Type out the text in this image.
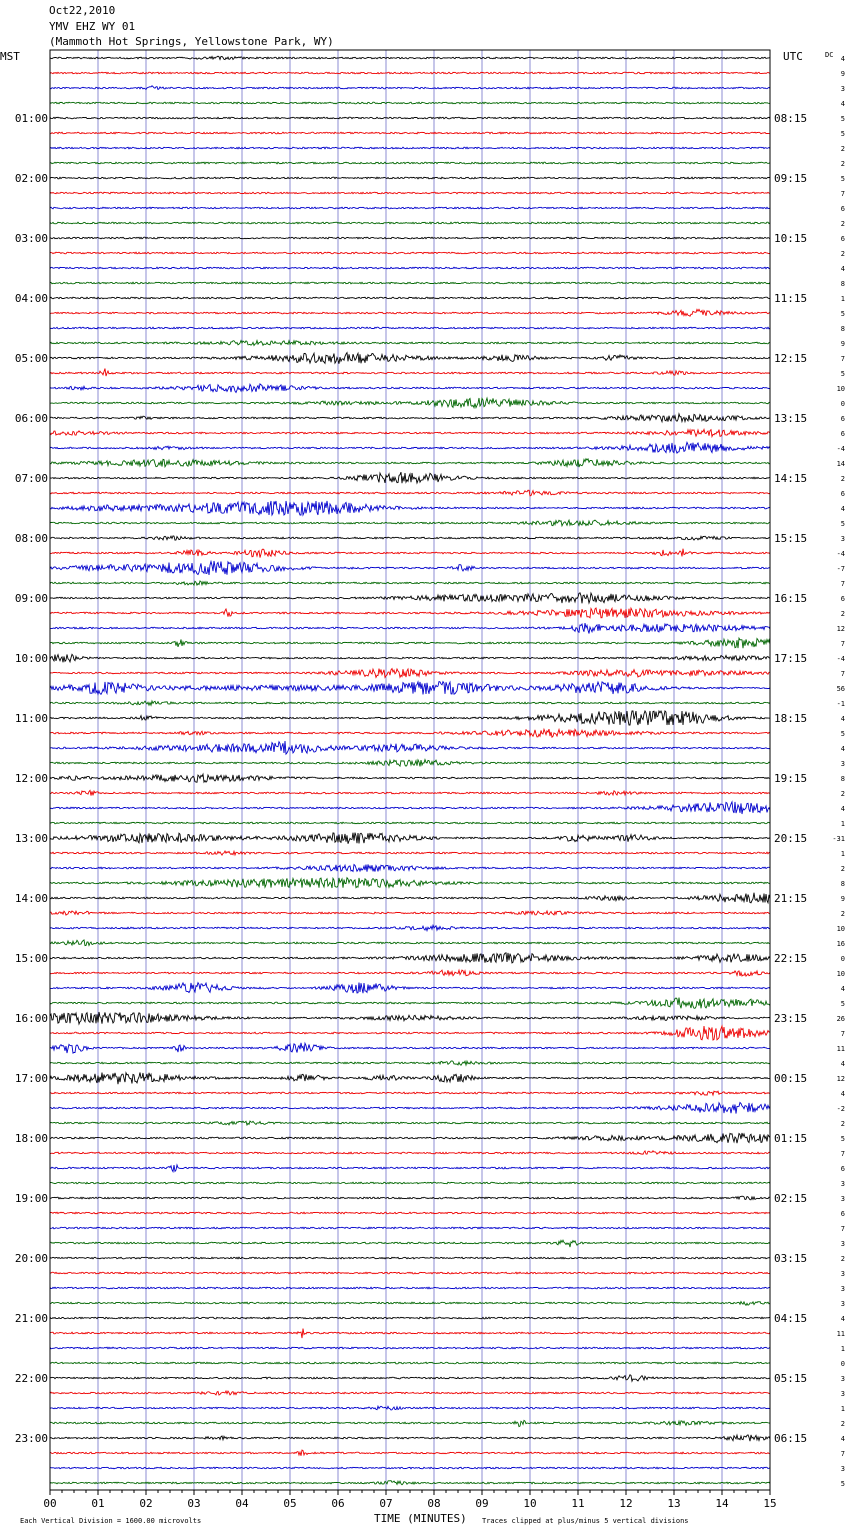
Oct22,2010
YMV EHZ WY 01
(Mammoth Hot Springs, Yellowstone Park, WY)
00	01	02	03	04	05	06	07	08	09	10	11	12	13	14	15
01:00
02:00
03:00
04:00
05:00
06:00
07:00
08:00
09:00
10:00
11:00
12:00
13:00
14:00
15:00
16:00
17:00
18:00
19:00
20:00
21:00
22:00
23:00
08:15
09:15
10:15
11:15
12:15
13:15
14:15
15:15
16:15
17:15
18:15
19:15
20:15
21:15
22:15
23:15
00:15
01:15
02:15
03:15
04:15
05:15
06:15
4
9
3
4
5
5
2
2
5
7
6
2
6
2
4
8
1
5
8
9
7
5
10
0
6
6
-4
14
2
6
4
5
3
-4
-7
7
6
2
12
7
-4
7
56
-1
4
5
4
3
8
2
4
1
-31
1
2
8
9
2
10
16
0
10
4
5
26
7
11
4
12
4
-2
2
5
7
6
3
3
6
7
3
2
3
3
3
4
11
1
0
3
3
1
2
4
7
3
5
MST	UTC	DC
TIME (MINUTES)
Each Vertical Division = 1600.00 microvolts	Traces clipped at plus/minus 5 vertical divisions
